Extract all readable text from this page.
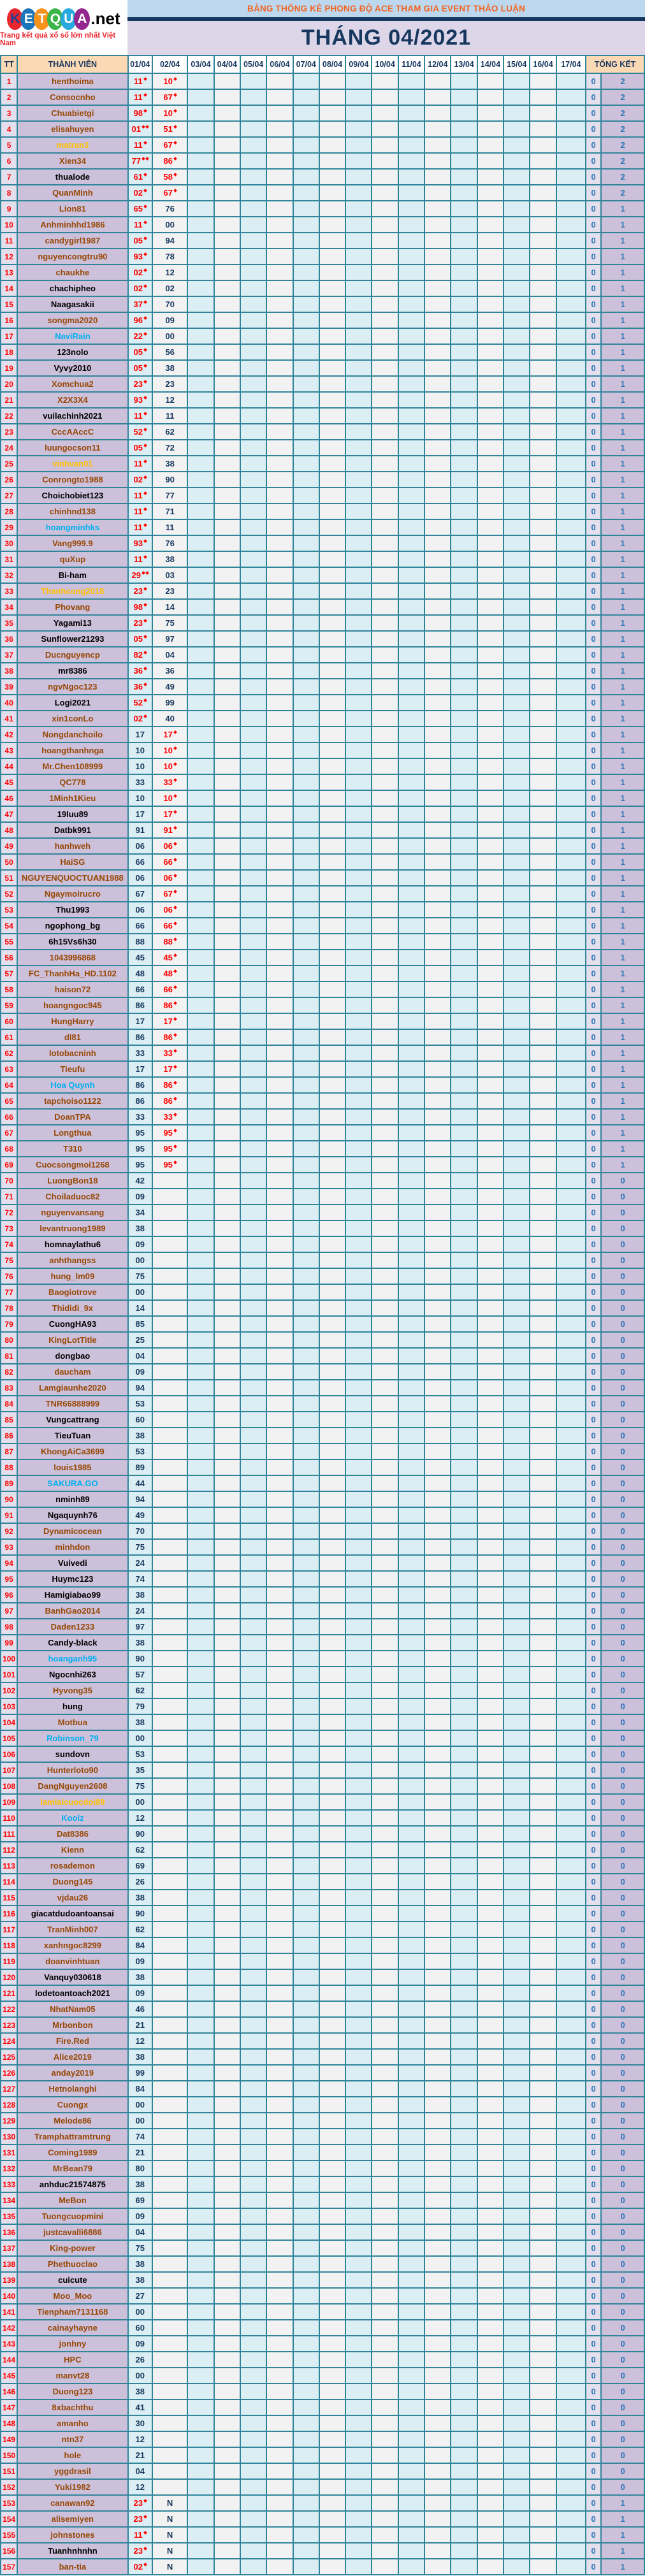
BẢNG THỐNG KÊ PHONG ĐỘ ACE THAM GIA EVENT THẢO LUẬN
THÁNG 04/2021
K E T Q U A .net
Trang kết quả xổ số lớn nhất Việt Nam
TT	THÀNH VIÊN	01/04	02/04	03/04	04/04	05/04	06/04	07/04	08/04	09/04	10/04	11/04	12/04	13/04	14/04	15/04	16/04	17/04	TỔNG KẾT	
1	henthoima	11	10																0	2
2	Consocnho	11	67																0	2
3	Chuabietgi	98	10																0	2
4	elisahuyen	01	51																0	2
5	matran3	11	67																0	2
6	Xien34	77	86																0	2
7	thualode	61	58																0	2
8	QuanMinh	02	67																0	2
9	Lion81	65	76																0	1
10	Anhminhhd1986	11	00																0	1
11	candygirl1987	05	94																0	1
12	nguyencongtru90	93	78																0	1
13	chaukhe	02	12																0	1
14	chachipheo	02	02																0	1
15	Naagasakii	37	70																0	1
16	songma2020	96	09																0	1
17	NaviRain	22	00																0	1
18	123nolo	05	56																0	1
19	Vyvy2010	05	38																0	1
20	Xomchua2	23	23																0	1
21	X2X3X4	93	12																0	1
22	vuilachinh2021	11	11																0	1
23	CccAAccC	52	62																0	1
24	luungocson11	05	72																0	1
25	vinhvan01	11	38																0	1
26	Conrongto1988	02	90																0	1
27	Choichobiet123	11	77																0	1
28	chinhnd138	11	71																0	1
29	hoangminhks	11	11																0	1
30	Vang999.9	93	76																0	1
31	quXup	11	38																0	1
32	Bi-ham	29	03																0	1
33	Thanhcong2018	23	23																0	1
34	Phovang	98	14																0	1
35	Yagami13	23	75																0	1
36	Sunflower21293	05	97																0	1
37	Ducnguyencp	82	04																0	1
38	mr8386	36	36																0	1
39	ngvNgoc123	36	49																0	1
40	Logi2021	52	99																0	1
41	xin1conLo	02	40																0	1
42	Nongdanchoilo	17	17																0	1
43	hoangthanhnga	10	10																0	1
44	Mr.Chen108999	10	10																0	1
45	QC778	33	33																0	1
46	1Minh1Kieu	10	10																0	1
47	19luu89	17	17																0	1
48	Datbk991	91	91																0	1
49	hanhweh	06	06																0	1
50	HaiSG	66	66																0	1
51	NGUYENQUOCTUAN1988	06	06																0	1
52	Ngaymoirucro	67	67																0	1
53	Thu1993	06	06																0	1
54	ngophong_bg	66	66																0	1
55	6h15Vs6h30	88	88																0	1
56	1043996868	45	45																0	1
57	FC_ThanhHa_HD.1102	48	48																0	1
58	haison72	66	66																0	1
59	hoangngoc945	86	86																0	1
60	HungHarry	17	17																0	1
61	dl81	86	86																0	1
62	lotobacninh	33	33																0	1
63	Tieufu	17	17																0	1
64	Hoa Quynh	86	86																0	1
65	tapchoiso1122	86	86																0	1
66	DoanTPA	33	33																0	1
67	Longthua	95	95																0	1
68	T310	95	95																0	1
69	Cuocsongmoi1268	95	95																0	1
70	LuongBon18	42																	0	0
71	Choiladuoc82	09																	0	0
72	nguyenvansang	34																	0	0
73	levantruong1989	38																	0	0
74	homnaylathu6	09																	0	0
75	anhthangss	00																	0	0
76	hung_lm09	75																	0	0
77	Baogiotrove	00																	0	0
78	Thididi_9x	14																	0	0
79	CuongHA93	85																	0	0
80	KingLotTitle	25																	0	0
81	dongbao	04																	0	0
82	daucham	09																	0	0
83	Lamgiaunhe2020	94																	0	0
84	TNR66888999	53																	0	0
85	Vungcattrang	60																	0	0
86	TieuTuan	38																	0	0
87	KhongAiCa3699	53																	0	0
88	louis1985	89																	0	0
89	SAKURA.GO	44																	0	0
90	nminh89	94																	0	0
91	Ngaquynh76	49																	0	0
92	Dynamicocean	70																	0	0
93	minhdon	75																	0	0
94	Vuivedi	24																	0	0
95	Huymc123	74																	0	0
96	Hamigiabao99	38																	0	0
97	BanhGao2014	24																	0	0
98	Daden1233	97																	0	0
99	Candy-black	38																	0	0
100	hoanganh95	90																	0	0
101	Ngocnhi263	57																	0	0
102	Hyvong35	62																	0	0
103	hung	79																	0	0
104	Motbua	38																	0	0
105	Robinson_79	00																	0	0
106	sundovn	53																	0	0
107	Hunterloto90	35																	0	0
108	DangNguyen2608	75																	0	0
109	lamlaicuocdoi89	00																	0	0
110	Koolz	12																	0	0
111	Dat8386	90																	0	0
112	Kienn	62																	0	0
113	rosademon	69																	0	0
114	Duong145	26																	0	0
115	vjdau26	38																	0	0
116	giacatdudoantoansai	90																	0	0
117	TranMinh007	62																	0	0
118	xanhngoc8299	84																	0	0
119	doanvinhtuan	09																	0	0
120	Vanquy030618	38																	0	0
121	lodetoantoach2021	09																	0	0
122	NhatNam05	46																	0	0
123	Mrbonbon	21																	0	0
124	Fire.Red	12																	0	0
125	Alice2019	38																	0	0
126	anday2019	99																	0	0
127	Hetnolanghi	84																	0	0
128	Cuongx	00																	0	0
129	Melode86	00																	0	0
130	Tramphattramtrung	74																	0	0
131	Coming1989	21																	0	0
132	MrBean79	80																	0	0
133	anhduc21574875	38																	0	0
134	MeBon	69																	0	0
135	Tuongcuopmini	09																	0	0
136	justcavalli6886	04																	0	0
137	King-power	75																	0	0
138	Phethuoclao	38																	0	0
139	cuicute	38																	0	0
140	Moo_Moo	27																	0	0
141	Tienpham7131168	00																	0	0
142	cainayhayne	60																	0	0
143	jonhny	09																	0	0
144	HPC	26																	0	0
145	manvt28	00																	0	0
146	Duong123	38																	0	0
147	8xbachthu	41																	0	0
148	amanho	30																	0	0
149	ntn37	12																	0	0
150	hole	21																	0	0
151	yggdrasil	04																	0	0
152	Yuki1982	12																	0	0
153	canawan92	23	N																0	1
154	alisemiyen	23	N																0	1
155	johnstones	11	N																0	1
156	Tuanhnhnhn	23	N																0	1
157	ban-tia	02	N																0	1
